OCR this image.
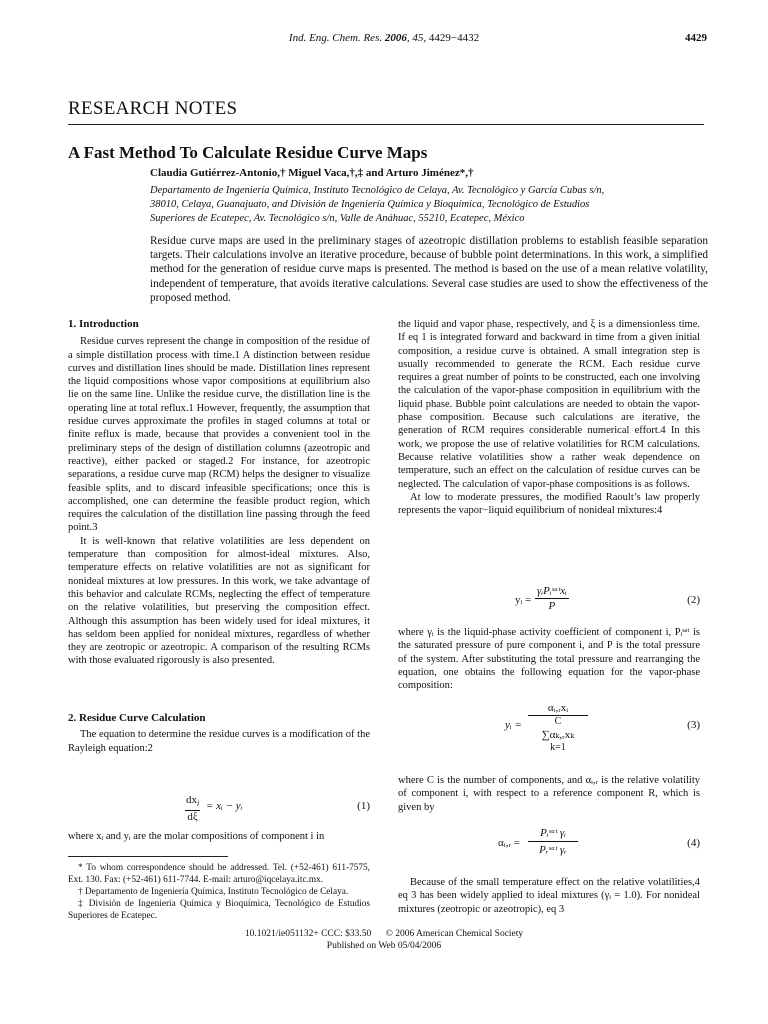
Ind. Eng. Chem. Res. 2006, 45, 4429−4432	4429
RESEARCH NOTES
A Fast Method To Calculate Residue Curve Maps
Claudia Gutiérrez-Antonio,† Miguel Vaca,†,‡ and Arturo Jiménez*,†
Departamento de Ingeniería Química, Instituto Tecnológico de Celaya, Av. Tecnológico y García Cubas s/n,
38010, Celaya, Guanajuato, and División de Ingeniería Química y Bioquímica, Tecnológico de Estudios
Superiores de Ecatepec, Av. Tecnológico s/n, Valle de Anáhuac, 55210, Ecatepec, México
Residue curve maps are used in the preliminary stages of azeotropic distillation problems to establish feasible separation targets. Their calculations involve an iterative procedure, because of bubble point determinations. In this work, a simplified method for the generation of residue curve maps is presented. The method is based on the use of a mean relative volatility, independent of temperature, that avoids iterative calculations. Several case studies are used to show the effectiveness of the proposed method.
1. Introduction

Residue curves represent the change in composition of the residue of a simple distillation process with time.1 A distinction between residue curves and distillation lines should be made. Distillation lines represent the liquid compositions whose vapor compositions at equilibrium also lie on the same line. Unlike the residue curve, the distillation line is the operating line at total reflux.1 However, frequently, the assumption that residue curves approximate the profiles in staged columns at total or finite reflux is made, because that provides a convenient tool in the preliminary steps of the design of distillation columns (azeotropic and reactive), either packed or staged.2 For instance, for azeotropic separations, a residue curve map (RCM) helps the designer to visualize feasible splits, and to discard infeasible specifications; once this is accomplished, one can determine the feasible product region, which requires the calculation of the distillation line passing through the feed point.3

It is well-known that relative volatilities are less dependent on temperature than composition for almost-ideal mixtures. Also, temperature effects on relative volatilities are not as significant for nonideal mixtures at low pressures. In this work, we take advantage of this behavior and calculate RCMs, neglecting the effect of temperature on the relative volatilities, but preserving the composition effect. Although this assumption has been widely used for ideal mixtures, it has seldom been applied for nonideal mixtures, regardless of whether they are zeotropic or azeotropic. A comparison of the resulting RCMs with those evaluated rigorously is also presented.

2. Residue Curve Calculation

The equation to determine the residue curves is a modification of the Rayleigh equation:2

$dx_i$
dξ
= xᵢ − yᵢ	(1)

where xᵢ and yᵢ are the molar compositions of component i in

* To whom correspondence should be addressed. Tel. (+52-461) 611-7575, Ext. 130. Fax: (+52-461) 611-7744. E-mail: arturo@iqcelaya.itc.mx.

† Departamento de Ingeniería Química, Instituto Tecnológico de Celaya.

‡ División de Ingeniería Química y Bioquímica, Tecnológico de Estudios Superiores de Ecatepec.

the liquid and vapor phase, respectively, and ξ is a dimensionless time. If eq 1 is integrated forward and backward in time from a given initial composition, a residue curve is obtained. A small integration step is usually recommended to generate the RCM. Each residue curve requires a great number of points to be constructed, each one involving the calculation of the vapor-phase composition in equilibrium with the liquid phase. Bubble point calculations are needed to obtain the vapor-phase composition. Because such calculations are iterative, the generation of RCM requires considerable numerical effort.4 In this work, we propose the use of relative volatilities for RCM calculations. Because relative volatilities show a rather weak dependence on temperature, such an effect on the calculation of residue curves can be neglected. The calculation of vapor-phase compositions is as follows.

At low to moderate pressures, the modified Raoult’s law properly represents the vapor−liquid equilibrium of nonideal mixtures:4

yᵢ =
γᵢPᵢˢᵃᵗxᵢ
P	(2)

where γᵢ is the liquid-phase activity coefficient of component i, Pᵢˢᵃᵗ is the saturated pressure of pure component i, and P is the total pressure of the system. After substituting the total pressure and rearranging the equation, one obtains the following equation for the vapor-phase composition:

yᵢ =
αᵢ,ᵣxᵢ
C
∑αₖ,ᵣxₖ
k=1
(3)

where C is the number of components, and αᵢ,ᵣ is the relative volatility of component i, with respect to a reference component R, which is given by

αᵢ,ᵣ =
Pᵢˢᵃᵗ γᵢ
Pᵣˢᵃᵗ γᵣ
(4)

Because of the small temperature effect on the relative volatilities,4 eq 3 has been widely applied to ideal mixtures (γᵢ = 1.0). For nonideal mixtures (zeotropic or azeotropic), eq 3

10.1021/ie051132+ CCC: $33.50 © 2006 American Chemical Society
Published on Web 05/04/2006
